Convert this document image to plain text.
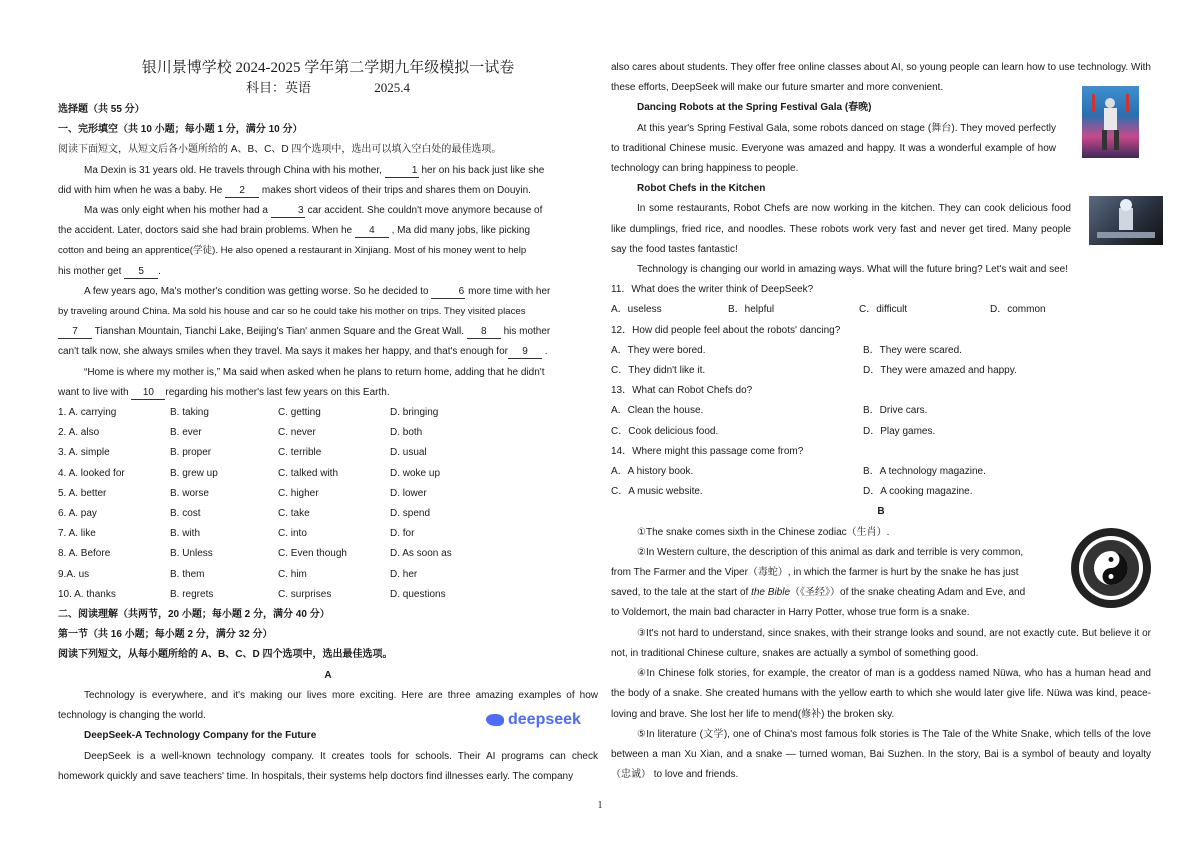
银川景博学校 2024-2025 学年第二学期九年级模拟一试卷

科目：英语	2025.4

选择题（共 55 分）

一、完形填空（共 10 小题；每小题 1 分，满分 10 分）

阅读下面短文，从短文后各小题所给的 A、B、C、D 四个选项中，选出可以填入空白处的最佳选项。

Ma Dexin is 31 years old. He travels through China with his mother,	1 her on his back just like she

did with him when he was a baby. He 2 makes short videos of their trips and shares them on Douyin.

Ma was only eight when his mother had a	3 car accident. She couldn't move anymore because of

the accident. Later, doctors said she had brain problems. When he 4 , Ma did many jobs, like picking

cotton and being an apprentice(学徒). He also opened a restaurant in Xinjiang. Most of his money went to help

his mother get 5 .

A few years ago, Ma's mother's condition was getting worse. So he decided to	6 more time with her

by traveling around China. Ma sold his house and car so he could take his mother on trips. They visited places

7 Tianshan Mountain, Tianchi Lake, Beijing's Tian' anmen Square and the Great Wall. 8 his mother

can't talk now, she always smiles when they travel. Ma says it makes her happy, and that's enough for 9 .

“Home is where my mother is,” Ma said when asked when he plans to return home, adding that he didn't

want to live with 10 regarding his mother's last few years on this Earth.

1. A. carrying	B. taking	C. getting	D. bringing
2. A. also	B. ever	C. never	D. both
3. A. simple	B. proper	C. terrible	D. usual
4. A. looked for	B. grew up	C. talked with	D. woke up
5. A. better	B. worse	C. higher	D. lower
6. A. pay	B. cost	C. take	D. spend
7. A. like	B. with	C. into	D. for
8. A. Before	B. Unless	C. Even though	D. As soon as
9.A. us	B. them	C. him	D. her
10. A. thanks	B. regrets	C. surprises	D. questions

二、阅读理解（共两节，20 小题；每小题 2 分，满分 40 分）

第一节（共 16 小题；每小题 2 分，满分 32 分）

阅读下列短文，从每小题所给的 A、B、C、D 四个选项中，选出最佳选项。

A

Technology is everywhere, and it's making our lives more exciting. Here are three amazing examples of how technology is changing the world.

DeepSeek-A Technology Company for the Future

DeepSeek is a well-known technology company. It creates tools for schools. Their AI programs can check homework quickly and save teachers' time. In hospitals, their systems help doctors find illnesses early. The company

deepseek

also cares about students. They offer free online classes about AI, so young people can learn how to use technology. With these efforts, DeepSeek will make our future smarter and more convenient.

Dancing Robots at the Spring Festival Gala (春晚)

At this year's Spring Festival Gala, some robots danced on stage (舞台). They moved perfectly to traditional Chinese music. Everyone was amazed and happy. It was a wonderful example of how technology can bring happiness to people.

Robot Chefs in the Kitchen

In some restaurants, Robot Chefs are now working in the kitchen. They can cook delicious food like dumplings, fried rice, and noodles. These robots work very fast and never get tired. Many people say the food tastes fantastic!

Technology is changing our world in amazing ways. What will the future bring? Let's wait and see!

11．What does the writer think of DeepSeek?

A．useless	B．helpful	C．difficult	D．common

12．How did people feel about the robots' dancing?

A．They were bored.	B．They were scared.
C．They didn't like it.	D．They were amazed and happy.

13．What can Robot Chefs do?

A．Clean the house.	B．Drive cars.
C．Cook delicious food.	D．Play games.

14．Where might this passage come from?

A．A history book.	B．A technology magazine.
C．A music website.	D．A cooking magazine.

B

①The snake comes sixth in the Chinese zodiac（生肖）.

②In Western culture, the description of this animal as dark and terrible is very common,

from The Farmer and the Viper（毒蛇）, in which the farmer is hurt by the snake he has just

saved, to the tale at the start of the Bible（《圣经》）of the snake cheating Adam and Eve, and

to Voldemort, the main bad character in Harry Potter, whose true form is a snake.

③It's not hard to understand, since snakes, with their strange looks and sound, are not exactly cute. But believe it or not, in traditional Chinese culture, snakes are actually a symbol of something good.

④In Chinese folk stories, for example, the creator of man is a goddess named Nüwa, who has a human head and the body of a snake. She created humans with the yellow earth to which she would later give life. Nüwa was kind, peace-loving and brave. She lost her life to mend(修补) the broken sky.

⑤In literature (文学), one of China's most famous folk stories is The Tale of the White Snake, which tells of the love between a man Xu Xian, and a snake — turned woman, Bai Suzhen. In the story, Bai is a symbol of beauty and loyalty（忠诚） to love and friends.

1
